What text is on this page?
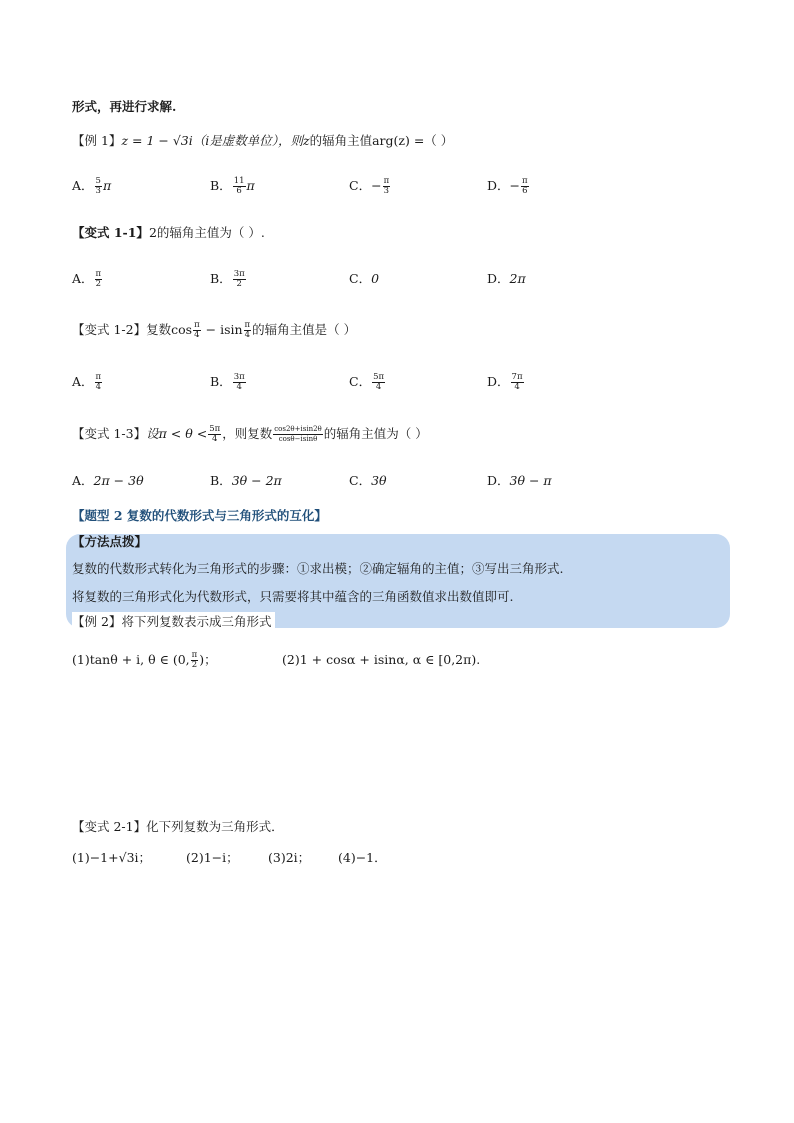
形式，再进行求解.
【例 1】z = 1 − √3i（i是虚数单位），则z的辐角主值arg(z) =（ ）
A． $\frac{5}{3}$ π	B． $\frac{11}{6}$ π	C．− $\frac{\pi}{3}$	D．− $\frac{\pi}{6}$
【变式 1-1】2的辐角主值为（ ）.
A． $\frac{\pi}{2}$	B． $\frac{3\pi}{2}$	C．0	D．2π
【变式 1-2】复数$\cos \frac{\pi}{4} - isin \frac{\pi}{4}$ 的辐角主值是（ ）
A． $\frac{\pi}{4}$	B． $\frac{3\pi}{4}$	C． $\frac{5\pi}{4}$	D． $\frac{7\pi}{4}$
【变式 1-3】设$\pi < \theta < \frac{5\pi}{4}$ ，则复数 $\frac{\cos 2\theta+isin2\theta}{\cos\theta-isin\theta}$ 的辐角主值为（ ）
A．2π − 3θ	B．3θ − 2π	C．3θ	D．3θ − π
【题型 2 复数的代数形式与三角形式的互化】
【方法点拨】
复数的代数形式转化为三角形式的步骤：①求出模；②确定辐角的主值；③写出三角形式.
将复数的三角形式化为代数形式，只需要将其中蕴含的三角函数值求出数值即可.
【例 2】将下列复数表示成三角形式
(1)tanθ + i, θ ∈ (0, $\frac{\pi}{2}$ )；	(2)1 + cosα + isinα, α ∈ [0,2π).
【变式 2-1】化下列复数为三角形式．
(1)−1+√3i；	(2)1−i； (3)2i； (4)−1．
